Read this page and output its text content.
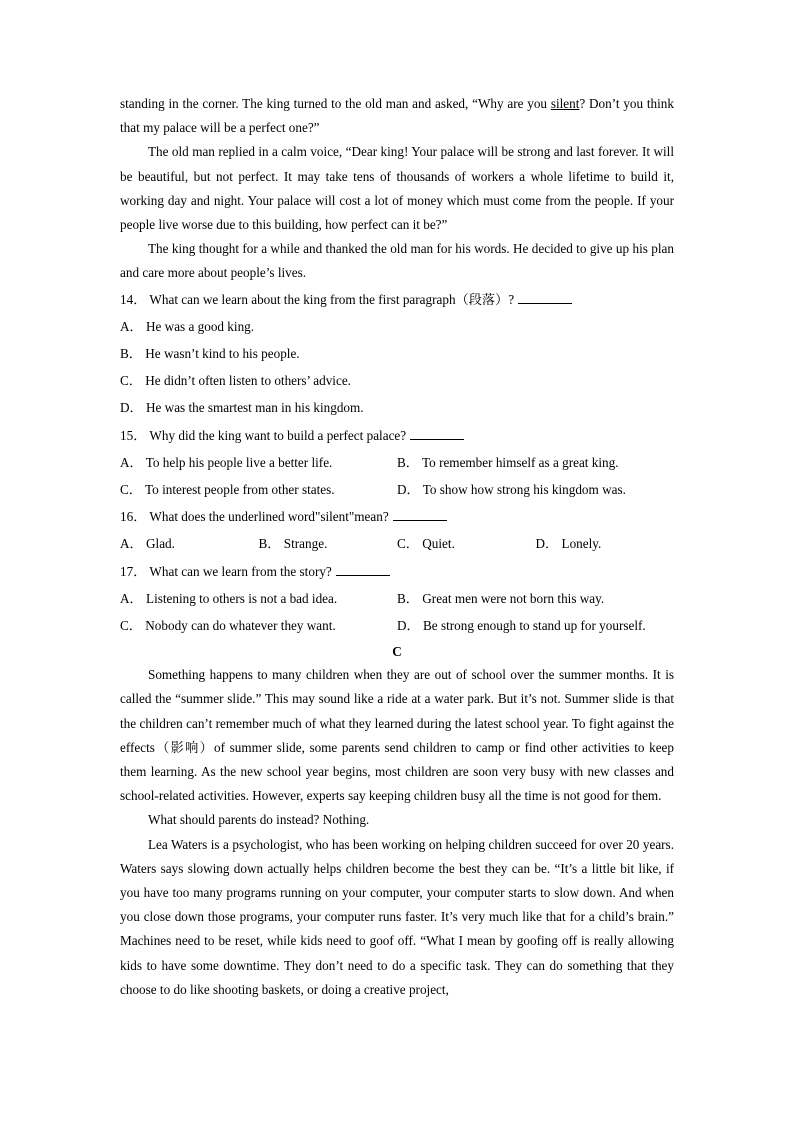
standing in the corner. The king turned to the old man and asked, “Why are you silent? Don’t you think that my palace will be a perfect one?”

The old man replied in a calm voice, “Dear king! Your palace will be strong and last forever. It will be beautiful, but not perfect. It may take tens of thousands of workers a whole lifetime to build it, working day and night. Your palace will cost a lot of money which must come from the people. If your people live worse due to this building, how perfect can it be?”

The king thought for a while and thanked the old man for his words. He decided to give up his plan and care more about people’s lives.

14． What can we learn about the king from the first paragraph（段落）?
A． He was a good king.
B． He wasn’t kind to his people.
C． He didn’t often listen to others’ advice.
D． He was the smartest man in his kingdom.
15． Why did the king want to build a perfect palace?
A． To help his people live a better life.	B． To remember himself as a great king.
C． To interest people from other states.	D． To show how strong his kingdom was.
16． What does the underlined word"silent"mean?
A． Glad.	B． Strange.	C． Quiet.	D． Lonely.
17． What can we learn from the story?
A． Listening to others is not a bad idea.	B． Great men were not born this way.
C． Nobody can do whatever they want.	D． Be strong enough to stand up for yourself.
C

Something happens to many children when they are out of school over the summer months. It is called the “summer slide.” This may sound like a ride at a water park. But it’s not. Summer slide is that the children can’t remember much of what they learned during the latest school year. To fight against the effects（影响）of summer slide, some parents send children to camp or find other activities to keep them learning. As the new school year begins, most children are soon very busy with new classes and school-related activities. However, experts say keeping children busy all the time is not good for them.

What should parents do instead? Nothing.

Lea Waters is a psychologist, who has been working on helping children succeed for over 20 years. Waters says slowing down actually helps children become the best they can be. “It’s a little bit like, if you have too many programs running on your computer, your computer starts to slow down. And when you close down those programs, your computer runs faster. It’s very much like that for a child’s brain.” Machines need to be reset, while kids need to goof off. “What I mean by goofing off is really allowing kids to have some downtime. They don’t need to do a specific task. They can do something that they choose to do like shooting baskets, or doing a creative project,
